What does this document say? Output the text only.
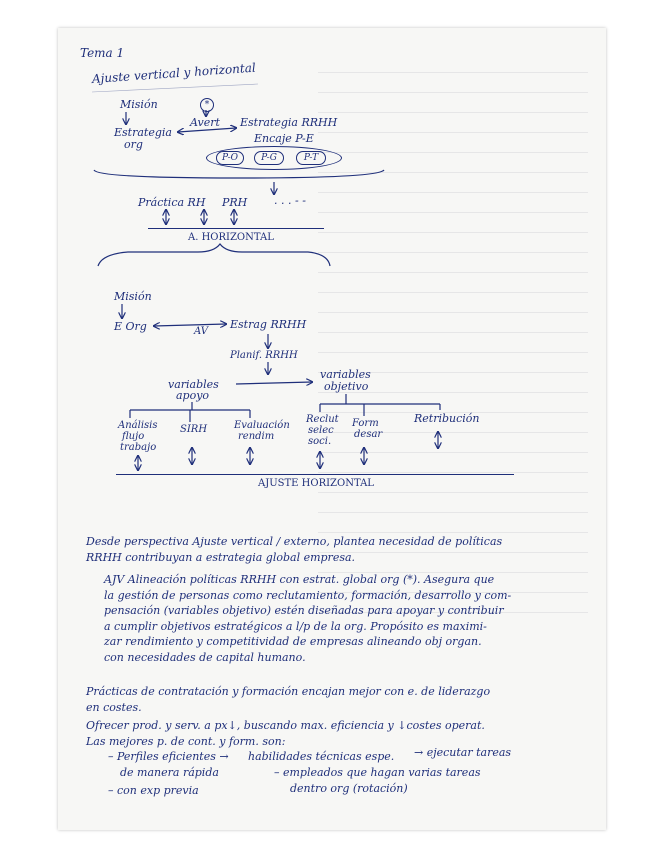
Tema 1
Ajuste vertical y horizontal
Misión	*
Estrategia
org
Avert Estrategia RRHH
Encaje P-E
P-O	P-G	P-T
Práctica RH PRH . . . - -
A. HORIZONTAL
Misión
E Org	AV
Estrag RRHH
Planif. RRHH
variables
apoyo
variables
objetivo
Análisis
flujo
trabajo
SIRH	Evaluación
rendim
Reclut
selec
soci.
Form
desar
Retribución
AJUSTE HORIZONTAL
Desde perspectiva Ajuste vertical / externo, plantea necesidad de políticas
RRHH contribuyan a estrategia global empresa.
AJV Alineación políticas RRHH con estrat. global org (*). Asegura que
la gestión de personas como reclutamiento, formación, desarrollo y com-
pensación (variables objetivo) estén diseñadas para apoyar y contribuir
a cumplir objetivos estratégicos a l/p de la org. Propósito es maximi-
zar rendimiento y competitividad de empresas alineando obj organ.
con necesidades de capital humano.
Prácticas de contratación y formación encajan mejor con e. de liderazgo
en costes.
Ofrecer prod. y serv. a px↓, buscando max. eficiencia y ↓costes operat.
Las mejores p. de cont. y form. son:
– Perfiles eficientes → habilidades técnicas espe. → ejecutar tareas
de manera rápida	– empleados que hagan varias tareas
– con exp previa	dentro org (rotación)
